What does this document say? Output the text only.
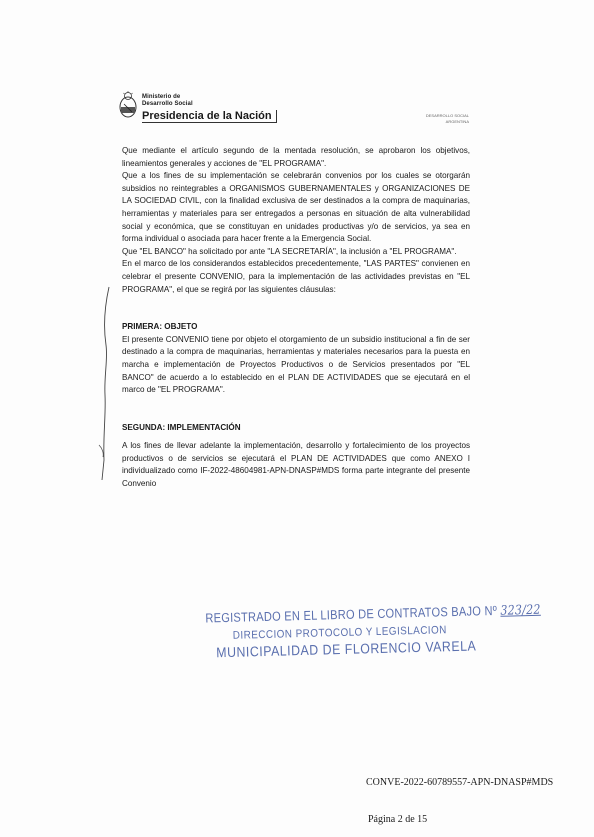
Ministerio de
Desarrollo Social
Presidencia de la Nación	DESARROLLO SOCIAL
ARGENTINA

Que mediante el artículo segundo de la mentada resolución, se aprobaron los objetivos, lineamientos generales y acciones de "EL PROGRAMA".

Que a los fines de su implementación se celebrarán convenios por los cuales se otorgarán subsidios no reintegrables a ORGANISMOS GUBERNAMENTALES y ORGANIZACIONES DE LA SOCIEDAD CIVIL, con la finalidad exclusiva de ser destinados a la compra de maquinarias, herramientas y materiales para ser entregados a personas en situación de alta vulnerabilidad social y económica, que se constituyan en unidades productivas y/o de servicios, ya sea en forma individual o asociada para hacer frente a la Emergencia Social.

Que "EL BANCO" ha solicitado por ante "LA SECRETARÍA", la inclusión a "EL PROGRAMA".

En el marco de los considerandos establecidos precedentemente, "LAS PARTES" convienen en celebrar el presente CONVENIO, para la implementación de las actividades previstas en "EL PROGRAMA", el que se regirá por las siguientes cláusulas:

PRIMERA: OBJETO

El presente CONVENIO tiene por objeto el otorgamiento de un subsidio institucional a fin de ser destinado a la compra de maquinarias, herramientas y materiales necesarios para la puesta en marcha e implementación de Proyectos Productivos o de Servicios presentados por "EL BANCO" de acuerdo a lo establecido en el PLAN DE ACTIVIDADES que se ejecutará en el marco de "EL PROGRAMA".

SEGUNDA: IMPLEMENTACIÓN

A los fines de llevar adelante la implementación, desarrollo y fortalecimiento de los proyectos productivos o de servicios se ejecutará el PLAN DE ACTIVIDADES que como ANEXO I individualizado como IF-2022-48604981-APN-DNASP#MDS forma parte integrante del presente Convenio

REGISTRADO EN EL LIBRO DE CONTRATOS BAJO Nº 323/22
DIRECCION PROTOCOLO Y LEGISLACION
MUNICIPALIDAD DE FLORENCIO VARELA
CONVE-2022-60789557-APN-DNASP#MDS
Página 2 de 15
